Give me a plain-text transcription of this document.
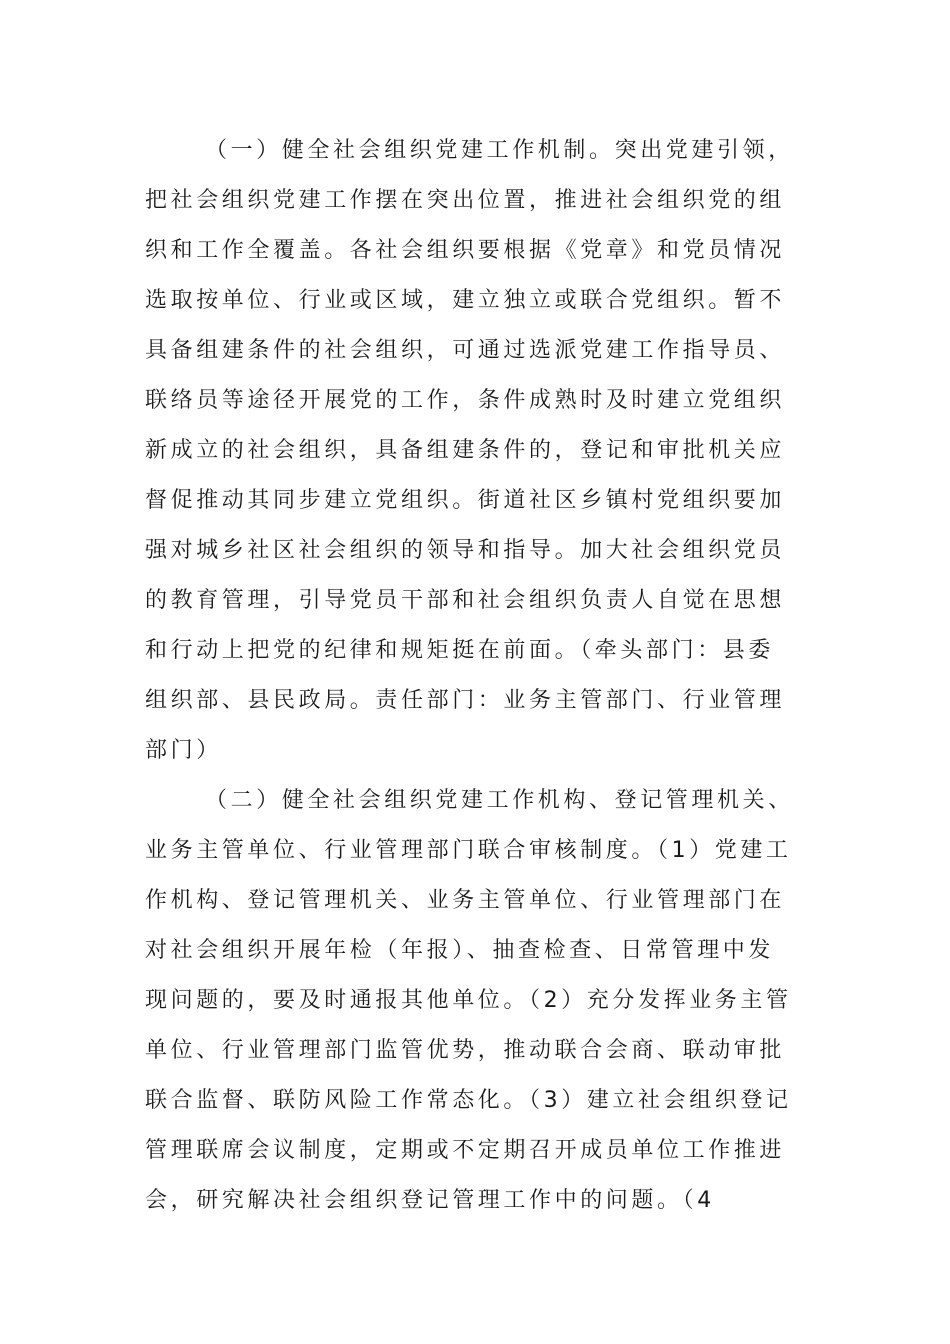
（一）健全社会组织党建工作机制。突出党建引领，
把社会组织党建工作摆在突出位置，推进社会组织党的组
织和工作全覆盖。各社会组织要根据《党章》和党员情况
选取按单位、行业或区域，建立独立或联合党组织。暂不
具备组建条件的社会组织，可通过选派党建工作指导员、
联络员等途径开展党的工作，条件成熟时及时建立党组织
新成立的社会组织，具备组建条件的，登记和审批机关应
督促推动其同步建立党组织。街道社区乡镇村党组织要加
强对城乡社区社会组织的领导和指导。加大社会组织党员
的教育管理，引导党员干部和社会组织负责人自觉在思想
和行动上把党的纪律和规矩挺在前面。（牵头部门：县委
组织部、县民政局。责任部门：业务主管部门、行业管理
部门）
（二）健全社会组织党建工作机构、登记管理机关、
业务主管单位、行业管理部门联合审核制度。（1）党建工
作机构、登记管理机关、业务主管单位、行业管理部门在
对社会组织开展年检（年报）、抽查检查、日常管理中发
现问题的，要及时通报其他单位。（2）充分发挥业务主管
单位、行业管理部门监管优势，推动联合会商、联动审批
联合监督、联防风险工作常态化。（3）建立社会组织登记
管理联席会议制度，定期或不定期召开成员单位工作推进
会，研究解决社会组织登记管理工作中的问题。（4
